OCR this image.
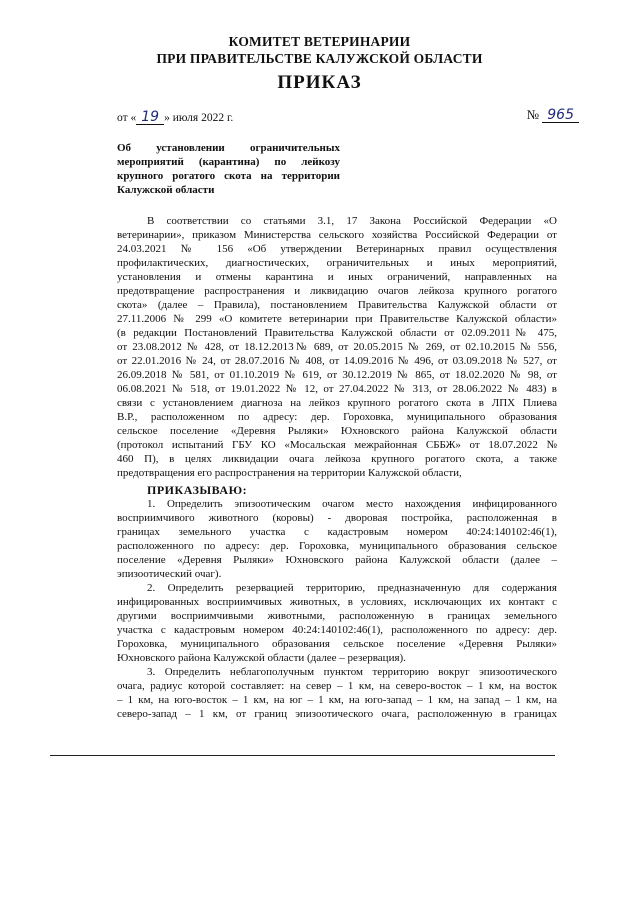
КОМИТЕТ ВЕТЕРИНАРИИ
ПРИ ПРАВИТЕЛЬСТВЕ КАЛУЖСКОЙ ОБЛАСТИ
ПРИКАЗ
от « 19 » июля 2022 г.	№ 965
Об установлении ограничительных
мероприятий (карантина) по лейкозу
крупного рогатого скота на территории
Калужской области
В соответствии со статьями 3.1, 17 Закона Российской Федерации «О
ветеринарии», приказом Министерства сельского хозяйства Российской Федерации от
24.03.2021 № 156 «Об утверждении Ветеринарных правил осуществления
профилактических, диагностических, ограничительных и иных мероприятий,
установления и отмены карантина и иных ограничений, направленных на
предотвращение распространения и ликвидацию очагов лейкоза крупного рогатого
скота» (далее – Правила), постановлением Правительства Калужской области от
27.11.2006 № 299 «О комитете ветеринарии при Правительстве Калужской области»
(в редакции Постановлений Правительства Калужской области от 02.09.2011№ 475,
от 23.08.2012 № 428, от 18.12.2013№ 689, от 20.05.2015 № 269, от 02.10.2015 № 556,
от 22.01.2016 № 24, от 28.07.2016 № 408, от 14.09.2016 № 496, от 03.09.2018 № 527, от
26.09.2018 № 581, от 01.10.2019 № 619, от 30.12.2019 № 865, от 18.02.2020 № 98, от
06.08.2021 № 518, от 19.01.2022 № 12, от 27.04.2022 № 313, от 28.06.2022 № 483) в
связи с установлением диагноза на лейкоз крупного рогатого скота в ЛПХ Плиева
В.Р., расположенном по адресу: дер. Гороховка, муниципального образования
сельское поселение «Деревня Рыляки» Юхновского района Калужской области
(протокол испытаний ГБУ КО «Мосальская межрайонная СББЖ» от 18.07.2022 №
460 П), в целях ликвидации очага лейкоза крупного рогатого скота, а также
предотвращения его распространения на территории Калужской области,
ПРИКАЗЫВАЮ:
1. Определить эпизоотическим очагом место нахождения инфицированного
восприимчивого животного (коровы) - дворовая постройка, расположенная в
границах земельного участка с кадастровым номером 40:24:140102:46(1),
расположенного по адресу: дер. Гороховка, муниципального образования сельское
поселение «Деревня Рыляки» Юхновского района Калужской области (далее –
эпизоотический очаг).
2. Определить резервацией территорию, предназначенную для содержания
инфицированных восприимчивых животных, в условиях, исключающих их контакт с
другими восприимчивыми животными, расположенную в границах земельного
участка с кадастровым номером 40:24:140102:46(1), расположенного по адресу: дер.
Гороховка, муниципального образования сельское поселение «Деревня Рыляки»
Юхновского района Калужской области (далее – резервация).
3. Определить неблагополучным пунктом территорию вокруг эпизоотического
очага, радиус которой составляет: на север – 1 км, на северо-восток – 1 км, на восток
– 1 км, на юго-восток – 1 км, на юг – 1 км, на юго-запад – 1 км, на запад – 1 км, на
северо-запад – 1 км, от границ эпизоотического очага, расположенную в границах
